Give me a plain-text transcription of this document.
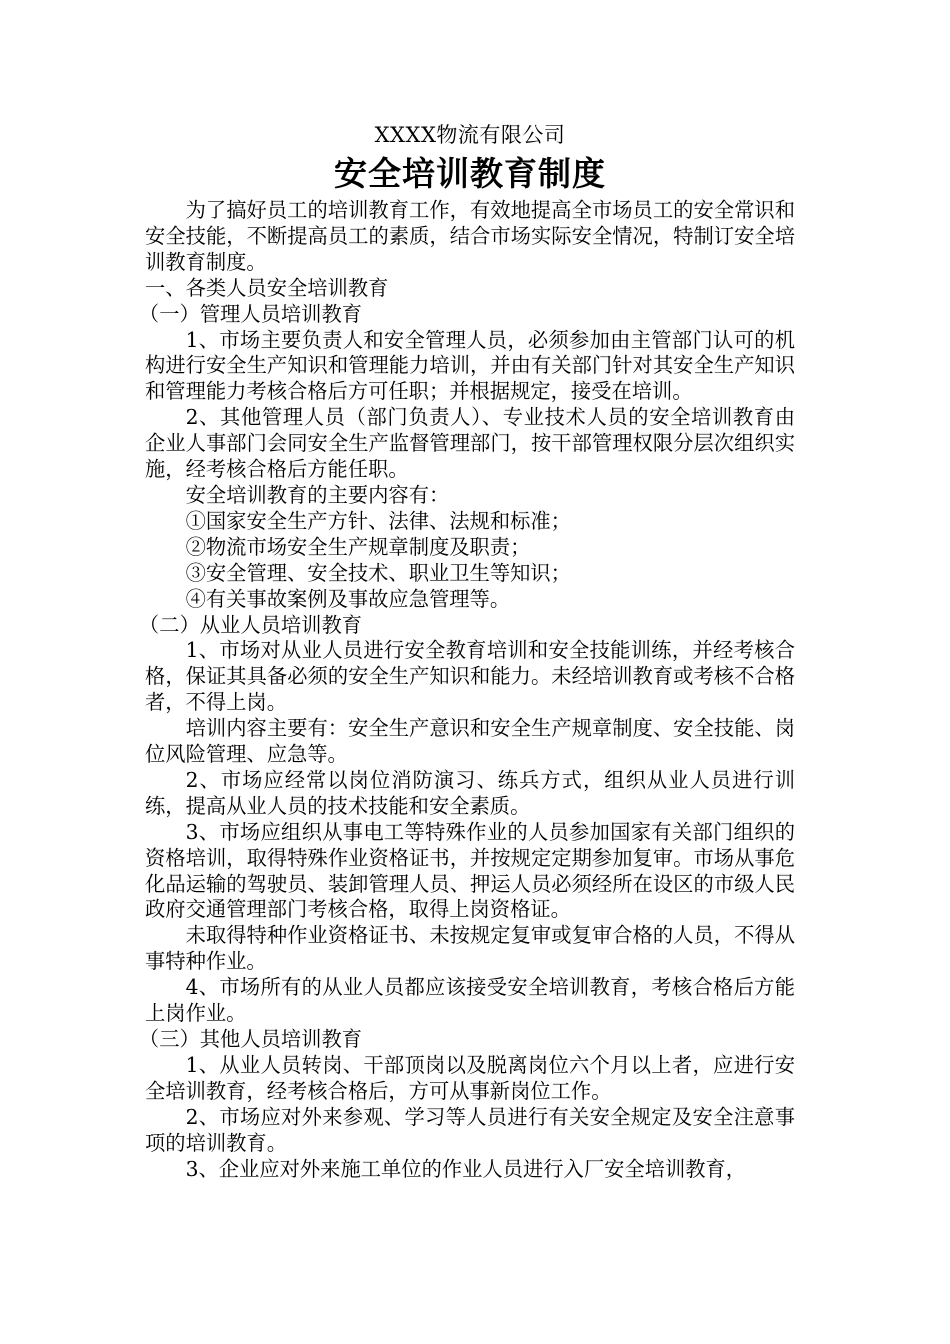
XXXX物流有限公司
安全培训教育制度

为了搞好员工的培训教育工作，有效地提高全市场员工的安全常识和安全技能，不断提高员工的素质，结合市场实际安全情况，特制订安全培训教育制度。

一、各类人员安全培训教育

（一）管理人员培训教育

1、市场主要负责人和安全管理人员，必须参加由主管部门认可的机构进行安全生产知识和管理能力培训，并由有关部门针对其安全生产知识和管理能力考核合格后方可任职；并根据规定，接受在培训。

2、其他管理人员（部门负责人）、专业技术人员的安全培训教育由企业人事部门会同安全生产监督管理部门，按干部管理权限分层次组织实施，经考核合格后方能任职。

安全培训教育的主要内容有：

①国家安全生产方针、法律、法规和标准；

②物流市场安全生产规章制度及职责；

③安全管理、安全技术、职业卫生等知识；

④有关事故案例及事故应急管理等。

（二）从业人员培训教育

1、市场对从业人员进行安全教育培训和安全技能训练，并经考核合格，保证其具备必须的安全生产知识和能力。未经培训教育或考核不合格者，不得上岗。

培训内容主要有：安全生产意识和安全生产规章制度、安全技能、岗位风险管理、应急等。

2、市场应经常以岗位消防演习、练兵方式，组织从业人员进行训练，提高从业人员的技术技能和安全素质。

3、市场应组织从事电工等特殊作业的人员参加国家有关部门组织的资格培训，取得特殊作业资格证书，并按规定定期参加复审。市场从事危化品运输的驾驶员、装卸管理人员、押运人员必须经所在设区的市级人民政府交通管理部门考核合格，取得上岗资格证。

未取得特种作业资格证书、未按规定复审或复审合格的人员，不得从事特种作业。

4、市场所有的从业人员都应该接受安全培训教育，考核合格后方能上岗作业。

（三）其他人员培训教育

1、从业人员转岗、干部顶岗以及脱离岗位六个月以上者，应进行安全培训教育，经考核合格后，方可从事新岗位工作。

2、市场应对外来参观、学习等人员进行有关安全规定及安全注意事项的培训教育。

3、企业应对外来施工单位的作业人员进行入厂安全培训教育，
